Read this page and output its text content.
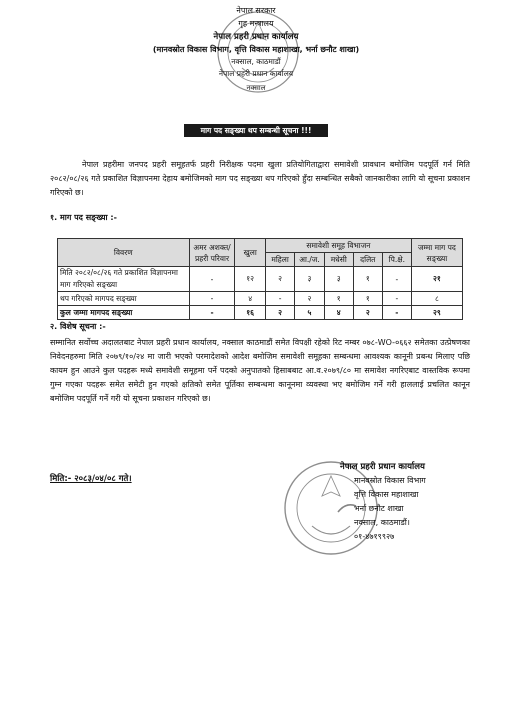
नेपाल सरकार
गृह मन्त्रालय
नेपाल प्रहरी प्रधान कार्यालय
(मानवस्रोत विकास विभाग, वृत्ति विकास महाशाखा, भर्ना छनौट शाखा)
नक्साल, काठमाडौं
नेपाल प्रहरी प्रधान कार्यालय
नक्साल
माग पद सङ्ख्या थप सम्बन्धी सूचना !!!
नेपाल प्रहरीमा जनपद प्रहरी समूहतर्फ प्रहरी निरीक्षक पदमा खुला प्रतियोगिताद्वारा समावेशी प्रावधान बमोजिम पदपूर्ति गर्न मिति २०८२/०८/२६ गते प्रकाशित विज्ञापनमा देहाय बमोजिमको माग पद सङ्ख्या थप गरिएको हुँदा सम्बन्धित सबैको जानकारीका लागि यो सूचना प्रकाशन गरिएको छ।
१. माग पद सङ्ख्या :-
विवरण	अमर अशक्त/ प्रहरी परिवार	खुला	समावेशी समूह विभाजन					जम्मा माग पद सङ्ख्या
			महिला	आ./ज.	मधेसी	दलित	पि.क्षे.	
मिति २०८२/०८/२६ गते प्रकाशित विज्ञापनमा माग गरिएको सङ्ख्या	-	१२	२	३	३	१	-	२१
थप गरिएको मागपद सङ्ख्या	-	४	-	२	१	१	-	८
कुल जम्मा मागपद सङ्ख्या	-	१६	२	५	४	२	-	२९
२. विशेष सूचना :-
सम्मानित सर्वोच्च अदालतबाट नेपाल प्रहरी प्रधान कार्यालय, नक्साल काठमाडौं समेत विपक्षी रहेको रिट नम्बर ०७८-WO-०६६२ समेतका उत्प्रेषणका निवेदनहरुमा मिति २०७९/१०/२४ मा जारी भएको परमादेशको आदेश बमोजिम समावेशी समूहका सम्बन्धमा आवश्यक कानूनी प्रबन्ध मिलाए पछि कायम हुन आउने कुल पदहरू मध्ये समावेशी समूहमा पर्ने पदको अनुपातको हिसाबबाट आ.व.२०७९/८० मा समावेश नगरिएबाट वास्तविक रूपमा गुम्न गएका पदहरू समेत समेटी हुन गएको क्षतिको समेत पूर्तिका सम्बन्धमा कानूनमा व्यवस्था भए बमोजिम गर्ने गरी हाललाई प्रचलित कानून बमोजिम पदपूर्ति गर्ने गरी यो सूचना प्रकाशन गरिएको छ।
मिति:- २०८३/०४/०८ गते।
नेपाल प्रहरी प्रधान कार्यालय
मानवस्रोत विकास विभाग
वृत्ति विकास महाशाखा
भर्ना छनौट शाखा
नक्साल, काठमाडौं।
०१-४७१९९२७
